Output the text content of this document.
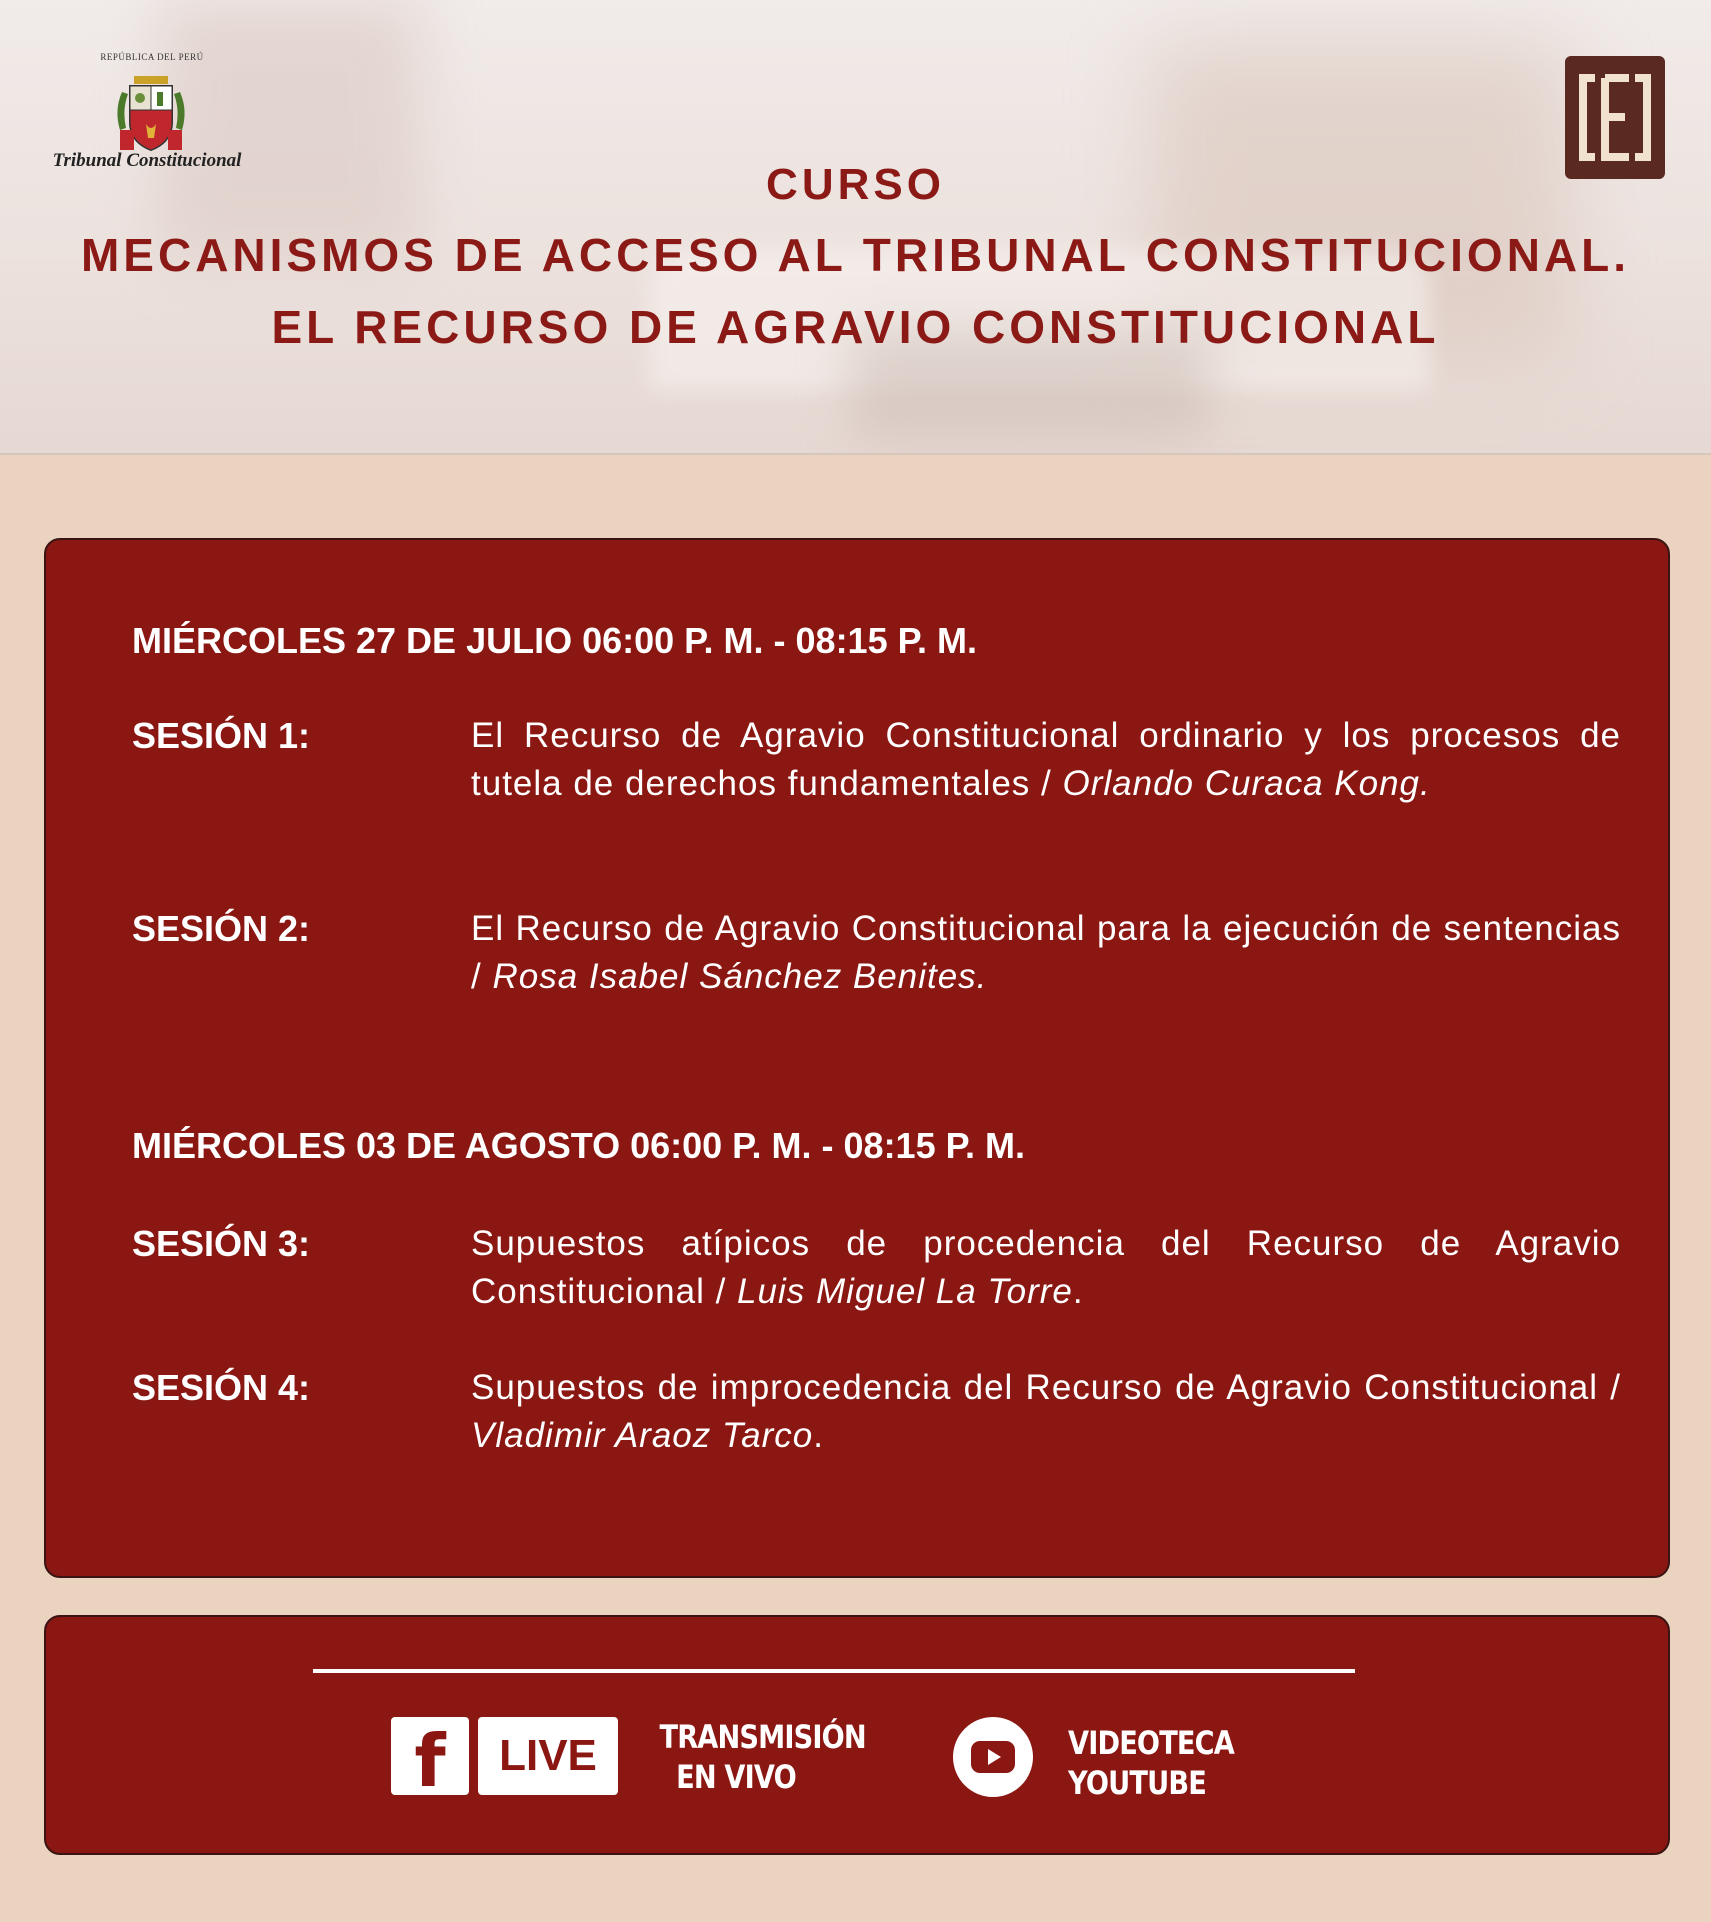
REPÚBLICA DEL PERÚ
Tribunal Constitucional	CURSO
MECANISMOS DE ACCESO AL TRIBUNAL CONSTITUCIONAL.
EL RECURSO DE AGRAVIO CONSTITUCIONAL
MIÉRCOLES 27 DE JULIO 06:00 P. M. - 08:15 P. M.
SESIÓN 1:	El Recurso de Agravio Constitucional ordinario y los procesos de tutela de derechos fundamentales / Orlando Curaca Kong.
SESIÓN 2:	El Recurso de Agravio Constitucional para la ejecución de sentencias / Rosa Isabel Sánchez Benites.
MIÉRCOLES 03 DE AGOSTO 06:00 P. M. - 08:15 P. M.
SESIÓN 3:	Supuestos atípicos de procedencia del Recurso de Agravio Constitucional / Luis Miguel La Torre.
SESIÓN 4:	Supuestos de improcedencia del Recurso de Agravio Constitucional / Vladimir Araoz Tarco.
f	LIVE	TRANSMISIÓN
EN VIVO
VIDEOTECA
YOUTUBE
